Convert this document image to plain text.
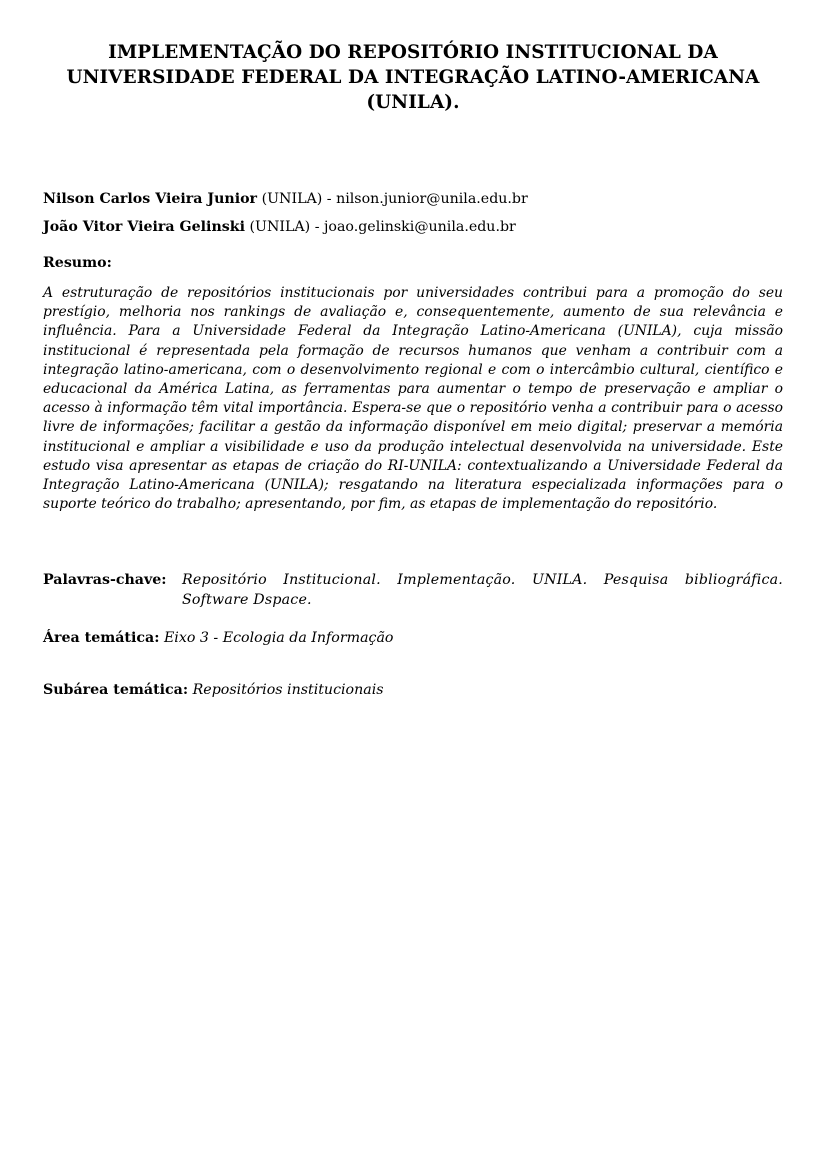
IMPLEMENTAÇÃO DO REPOSITÓRIO INSTITUCIONAL DA UNIVERSIDADE FEDERAL DA INTEGRAÇÃO LATINO-AMERICANA (UNILA).
Nilson Carlos Vieira Junior (UNILA) - nilson.junior@unila.edu.br
João Vitor Vieira Gelinski (UNILA) - joao.gelinski@unila.edu.br
Resumo:

A estruturação de repositórios institucionais por universidades contribui para a promoção do seu prestígio, melhoria nos rankings de avaliação e, consequentemente, aumento de sua relevância e influência. Para a Universidade Federal da Integração Latino-Americana (UNILA), cuja missão institucional é representada pela formação de recursos humanos que venham a contribuir com a integração latino-americana, com o desenvolvimento regional e com o intercâmbio cultural, científico e educacional da América Latina, as ferramentas para aumentar o tempo de preservação e ampliar o acesso à informação têm vital importância. Espera-se que o repositório venha a contribuir para o acesso livre de informações; facilitar a gestão da informação disponível em meio digital; preservar a memória institucional e ampliar a visibilidade e uso da produção intelectual desenvolvida na universidade. Este estudo visa apresentar as etapas de criação do RI-UNILA: contextualizando a Universidade Federal da Integração Latino-Americana (UNILA); resgatando na literatura especializada informações para o suporte teórico do trabalho; apresentando, por fim, as etapas de implementação do repositório.

Palavras-chave:	Repositório Institucional. Implementação. UNILA. Pesquisa bibliográfica. Software Dspace.
Área temática: Eixo 3 - Ecologia da Informação
Subárea temática: Repositórios institucionais
